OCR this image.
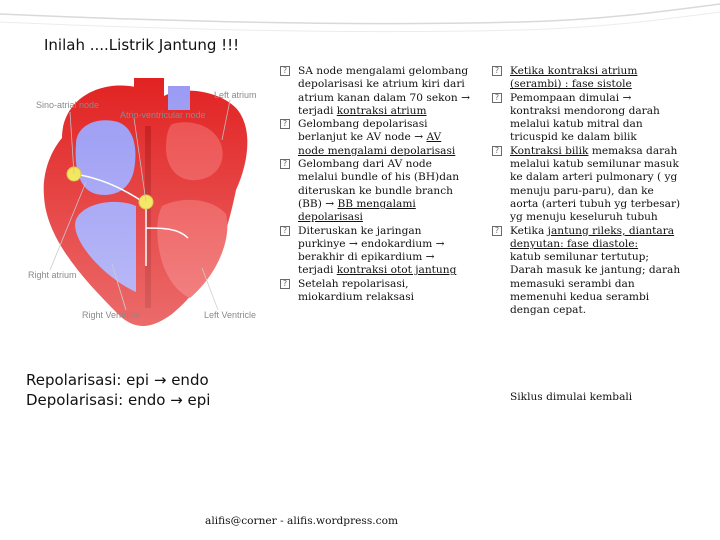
Inilah ....Listrik Jantung !!!
Sino-atrial node
Atrio-ventricular node
Left atrium
Right atrium
Right Ventricle	Left Ventricle
Repolarisasi: epi → endo
Depolarisasi: endo → epi
? SA node mengalami gelombang depolarisasi ke atrium kiri dari atrium kanan dalam 70 sekon → terjadi kontraksi atrium
? Gelombang depolarisasi berlanjut ke AV node → AV node mengalami depolarisasi
? Gelombang dari AV node melalui bundle of his (BH)dan diteruskan ke bundle branch (BB) → BB mengalami depolarisasi
? Diteruskan ke jaringan purkinye → endokardium → berakhir di epikardium → terjadi kontraksi otot jantung
? Setelah repolarisasi, miokardium relaksasi
? Ketika kontraksi atrium (serambi) : fase sistole
? Pemompaan dimulai → kontraksi mendorong darah melalui katub mitral dan tricuspid ke dalam bilik
? Kontraksi bilik memaksa darah melalui katub semilunar masuk ke dalam arteri pulmonary ( yg menuju paru-paru), dan ke aorta (arteri tubuh yg terbesar) yg menuju keseluruh tubuh
? Ketika jantung rileks, diantara denyutan: fase diastole:
katub semilunar tertutup; Darah masuk ke jantung; darah memasuki serambi dan memenuhi kedua serambi dengan cepat.
Siklus dimulai kembali
alifis@corner - alifis.wordpress.com
